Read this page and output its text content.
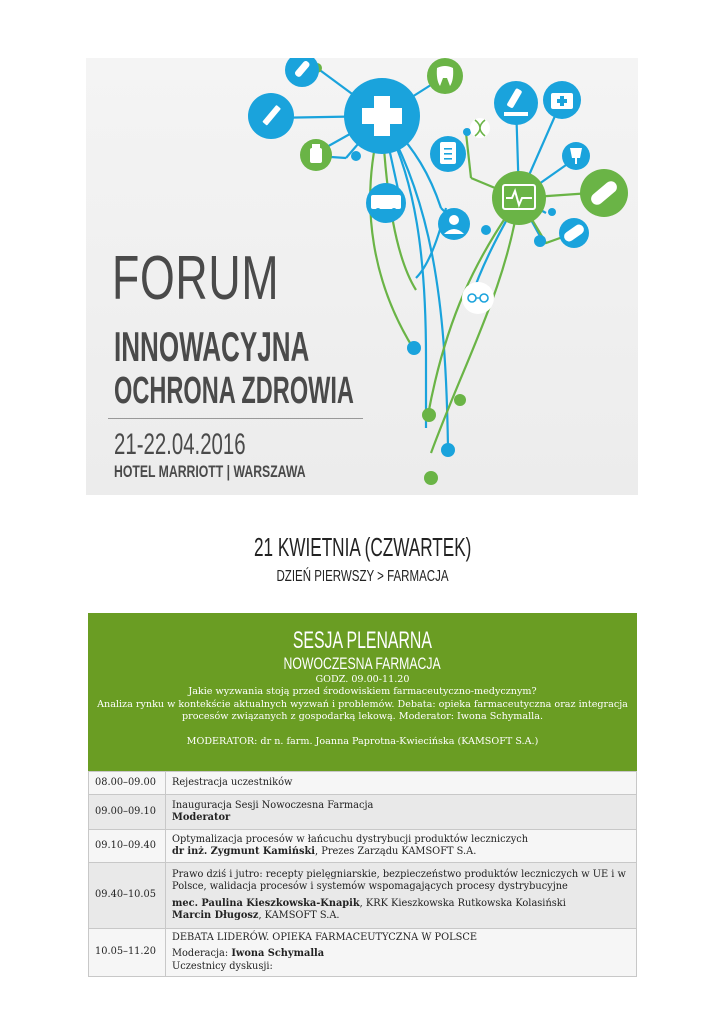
FORUM
INNOWACYJNA
OCHRONA ZDROWIA
21-22.04.2016
HOTEL MARRIOTT | WARSZAWA
21 KWIETNIA (CZWARTEK)
DZIEŃ PIERWSZY > FARMACJA
SESJA PLENARNA
NOWOCZESNA FARMACJA

GODZ. 09.00-11.20

Jakie wyzwania stoją przed środowiskiem farmaceutyczno-medycznym?

Analiza rynku w kontekście aktualnych wyzwań i problemów. Debata: opieka farmaceutyczna oraz integracja

procesów związanych z gospodarką lekową. Moderator: Iwona Schymalla.

MODERATOR: dr n. farm. Joanna Paprotna-Kwiecińska (KAMSOFT S.A.)

08.00–09.00	Rejestracja uczestników
09.00–09.10	Inauguracja Sesji Nowoczesna Farmacja
Moderator

09.10–09.40	Optymalizacja procesów w łańcuchu dystrybucji produktów leczniczych
dr inż. Zygmunt Kamiński, Prezes Zarządu KAMSOFT S.A.

09.40–10.05	Prawo dziś i jutro: recepty pielęgniarskie, bezpieczeństwo produktów leczniczych w UE i w Polsce, walidacja procesów i systemów wspomagających procesy dystrybucyjne
mec. Paulina Kieszkowska-Knapik, KRK Kieszkowska Rutkowska Kolasiński
Marcin Długosz, KAMSOFT S.A.

10.05–11.20	DEBATA LIDERÓW. OPIEKA FARMACEUTYCZNA W POLSCE
Moderacja: Iwona Schymalla
Uczestnicy dyskusji:
